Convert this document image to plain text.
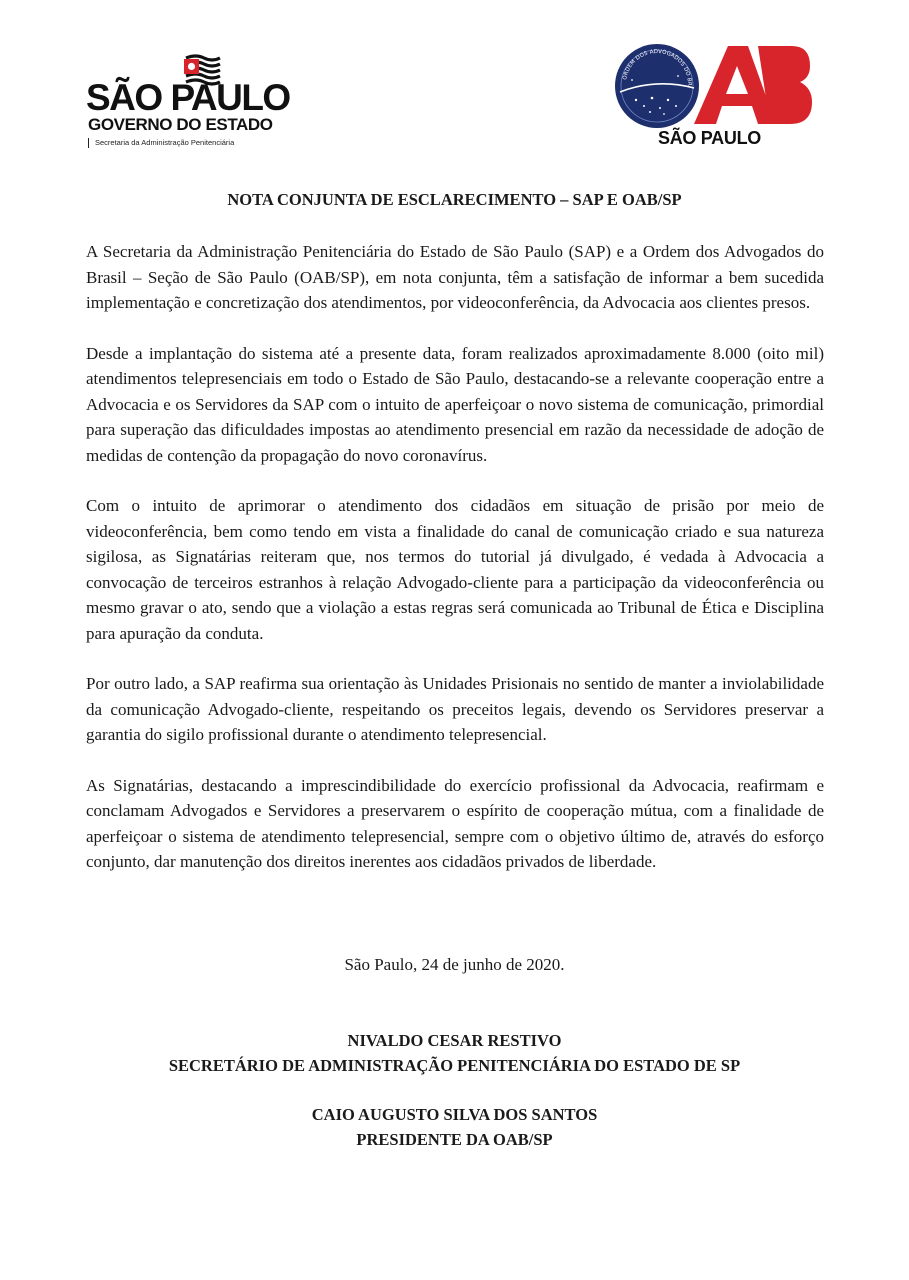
SÃO PAULO
GOVERNO DO ESTADO
Secretaria da Administração Penitenciária
ORDEM DOS ADVOGADOS DO BR
SÃO PAULO
NOTA CONJUNTA DE ESCLARECIMENTO – SAP E OAB/SP

A Secretaria da Administração Penitenciária do Estado de São Paulo (SAP) e a Ordem dos Advogados do Brasil – Seção de São Paulo (OAB/SP), em nota conjunta, têm a satisfação de informar a bem sucedida implementação e concretização dos atendimentos, por videoconferência, da Advocacia aos clientes presos.

Desde a implantação do sistema até a presente data, foram realizados aproximadamente 8.000 (oito mil) atendimentos telepresenciais em todo o Estado de São Paulo, destacando-se a relevante cooperação entre a Advocacia e os Servidores da SAP com o intuito de aperfeiçoar o novo sistema de comunicação, primordial para superação das dificuldades impostas ao atendimento presencial em razão da necessidade de adoção de medidas de contenção da propagação do novo coronavírus.

Com o intuito de aprimorar o atendimento dos cidadãos em situação de prisão por meio de videoconferência, bem como tendo em vista a finalidade do canal de comunicação criado e sua natureza sigilosa, as Signatárias reiteram que, nos termos do tutorial já divulgado, é vedada à Advocacia a convocação de terceiros estranhos à relação Advogado-cliente para a participação da videoconferência ou mesmo gravar o ato, sendo que a violação a estas regras será comunicada ao Tribunal de Ética e Disciplina para apuração da conduta.

Por outro lado, a SAP reafirma sua orientação às Unidades Prisionais no sentido de manter a inviolabilidade da comunicação Advogado-cliente, respeitando os preceitos legais, devendo os Servidores preservar a garantia do sigilo profissional durante o atendimento telepresencial.

As Signatárias, destacando a imprescindibilidade do exercício profissional da Advocacia, reafirmam e conclamam Advogados e Servidores a preservarem o espírito de cooperação mútua, com a finalidade de aperfeiçoar o sistema de atendimento telepresencial, sempre com o objetivo último de, através do esforço conjunto, dar manutenção dos direitos inerentes aos cidadãos privados de liberdade.

São Paulo, 24 de junho de 2020.
NIVALDO CESAR RESTIVO
SECRETÁRIO DE ADMINISTRAÇÃO PENITENCIÁRIA DO ESTADO DE SP
CAIO AUGUSTO SILVA DOS SANTOS
PRESIDENTE DA OAB/SP
